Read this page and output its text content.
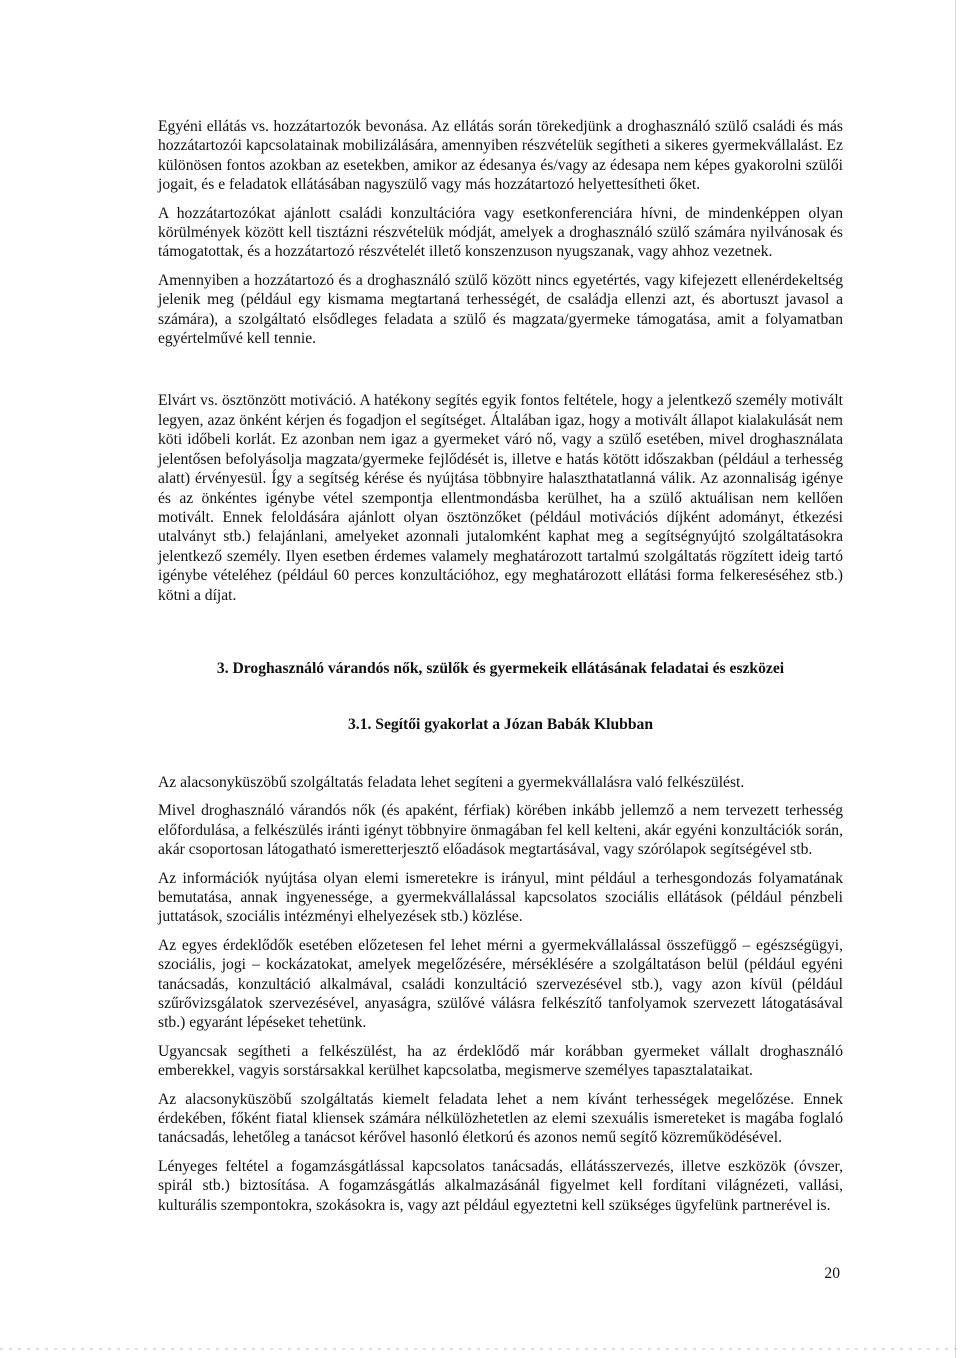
Egyéni ellátás vs. hozzátartozók bevonása. Az ellátás során törekedjünk a droghasználó szülő családi és más hozzátartozói kapcsolatainak mobilizálására, amennyiben részvételük segítheti a sikeres gyermekvállalást. Ez különösen fontos azokban az esetekben, amikor az édesanya és/vagy az édesapa nem képes gyakorolni szülői jogait, és e feladatok ellátásában nagyszülő vagy más hozzátartozó helyettesítheti őket.

A hozzátartozókat ajánlott családi konzultációra vagy esetkonferenciára hívni, de mindenképpen olyan körülmények között kell tisztázni részvételük módját, amelyek a droghasználó szülő számára nyilvánosak és támogatottak, és a hozzátartozó részvételét illető konszenzuson nyugszanak, vagy ahhoz vezetnek.

Amennyiben a hozzátartozó és a droghasználó szülő között nincs egyetértés, vagy kifejezett ellenérdekeltség jelenik meg (például egy kismama megtartaná terhességét, de családja ellenzi azt, és abortuszt javasol a számára), a szolgáltató elsődleges feladata a szülő és magzata/gyermeke támogatása, amit a folyamatban egyértelművé kell tennie.

Elvárt vs. ösztönzött motiváció. A hatékony segítés egyik fontos feltétele, hogy a jelentkező személy motivált legyen, azaz önként kérjen és fogadjon el segítséget. Általában igaz, hogy a motivált állapot kialakulását nem köti időbeli korlát. Ez azonban nem igaz a gyermeket váró nő, vagy a szülő esetében, mivel droghasználata jelentősen befolyásolja magzata/gyermeke fejlődését is, illetve e hatás kötött időszakban (például a terhesség alatt) érvényesül. Így a segítség kérése és nyújtása többnyire halaszthatatlanná válik. Az azonnaliság igénye és az önkéntes igénybe vétel szempontja ellentmondásba kerülhet, ha a szülő aktuálisan nem kellően motivált. Ennek feloldására ajánlott olyan ösztönzőket (például motivációs díjként adományt, étkezési utalványt stb.) felajánlani, amelyeket azonnali jutalomként kaphat meg a segítségnyújtó szolgáltatásokra jelentkező személy. Ilyen esetben érdemes valamely meghatározott tartalmú szolgáltatás rögzített ideig tartó igénybe vételéhez (például 60 perces konzultációhoz, egy meghatározott ellátási forma felkereséséhez stb.) kötni a díjat.

3. Droghasználó várandós nők, szülők és gyermekeik ellátásának feladatai és eszközei
3.1. Segítői gyakorlat a Józan Babák Klubban

Az alacsonyküszöbű szolgáltatás feladata lehet segíteni a gyermekvállalásra való felkészülést.

Mivel droghasználó várandós nők (és apaként, férfiak) körében inkább jellemző a nem tervezett terhesség előfordulása, a felkészülés iránti igényt többnyire önmagában fel kell kelteni, akár egyéni konzultációk során, akár csoportosan látogatható ismeretterjesztő előadások megtartásával, vagy szórólapok segítségével stb.

Az információk nyújtása olyan elemi ismeretekre is irányul, mint például a terhesgondozás folyamatának bemutatása, annak ingyenessége, a gyermekvállalással kapcsolatos szociális ellátások (például pénzbeli juttatások, szociális intézményi elhelyezések stb.) közlése.

Az egyes érdeklődők esetében előzetesen fel lehet mérni a gyermekvállalással összefüggő – egészségügyi, szociális, jogi – kockázatokat, amelyek megelőzésére, mérséklésére a szolgáltatáson belül (például egyéni tanácsadás, konzultáció alkalmával, családi konzultáció szervezésével stb.), vagy azon kívül (például szűrővizsgálatok szervezésével, anyaságra, szülővé válásra felkészítő tanfolyamok szervezett látogatásával stb.) egyaránt lépéseket tehetünk.

Ugyancsak segítheti a felkészülést, ha az érdeklődő már korábban gyermeket vállalt droghasználó emberekkel, vagyis sorstársakkal kerülhet kapcsolatba, megismerve személyes tapasztalataikat.

Az alacsonyküszöbű szolgáltatás kiemelt feladata lehet a nem kívánt terhességek megelőzése. Ennek érdekében, főként fiatal kliensek számára nélkülözhetetlen az elemi szexuális ismereteket is magába foglaló tanácsadás, lehetőleg a tanácsot kérővel hasonló életkorú és azonos nemű segítő közreműködésével.

Lényeges feltétel a fogamzásgátlással kapcsolatos tanácsadás, ellátásszervezés, illetve eszközök (óvszer, spirál stb.) biztosítása. A fogamzásgátlás alkalmazásánál figyelmet kell fordítani világnézeti, vallási, kulturális szempontokra, szokásokra is, vagy azt például egyeztetni kell szükséges ügyfelünk partnerével is.

20
